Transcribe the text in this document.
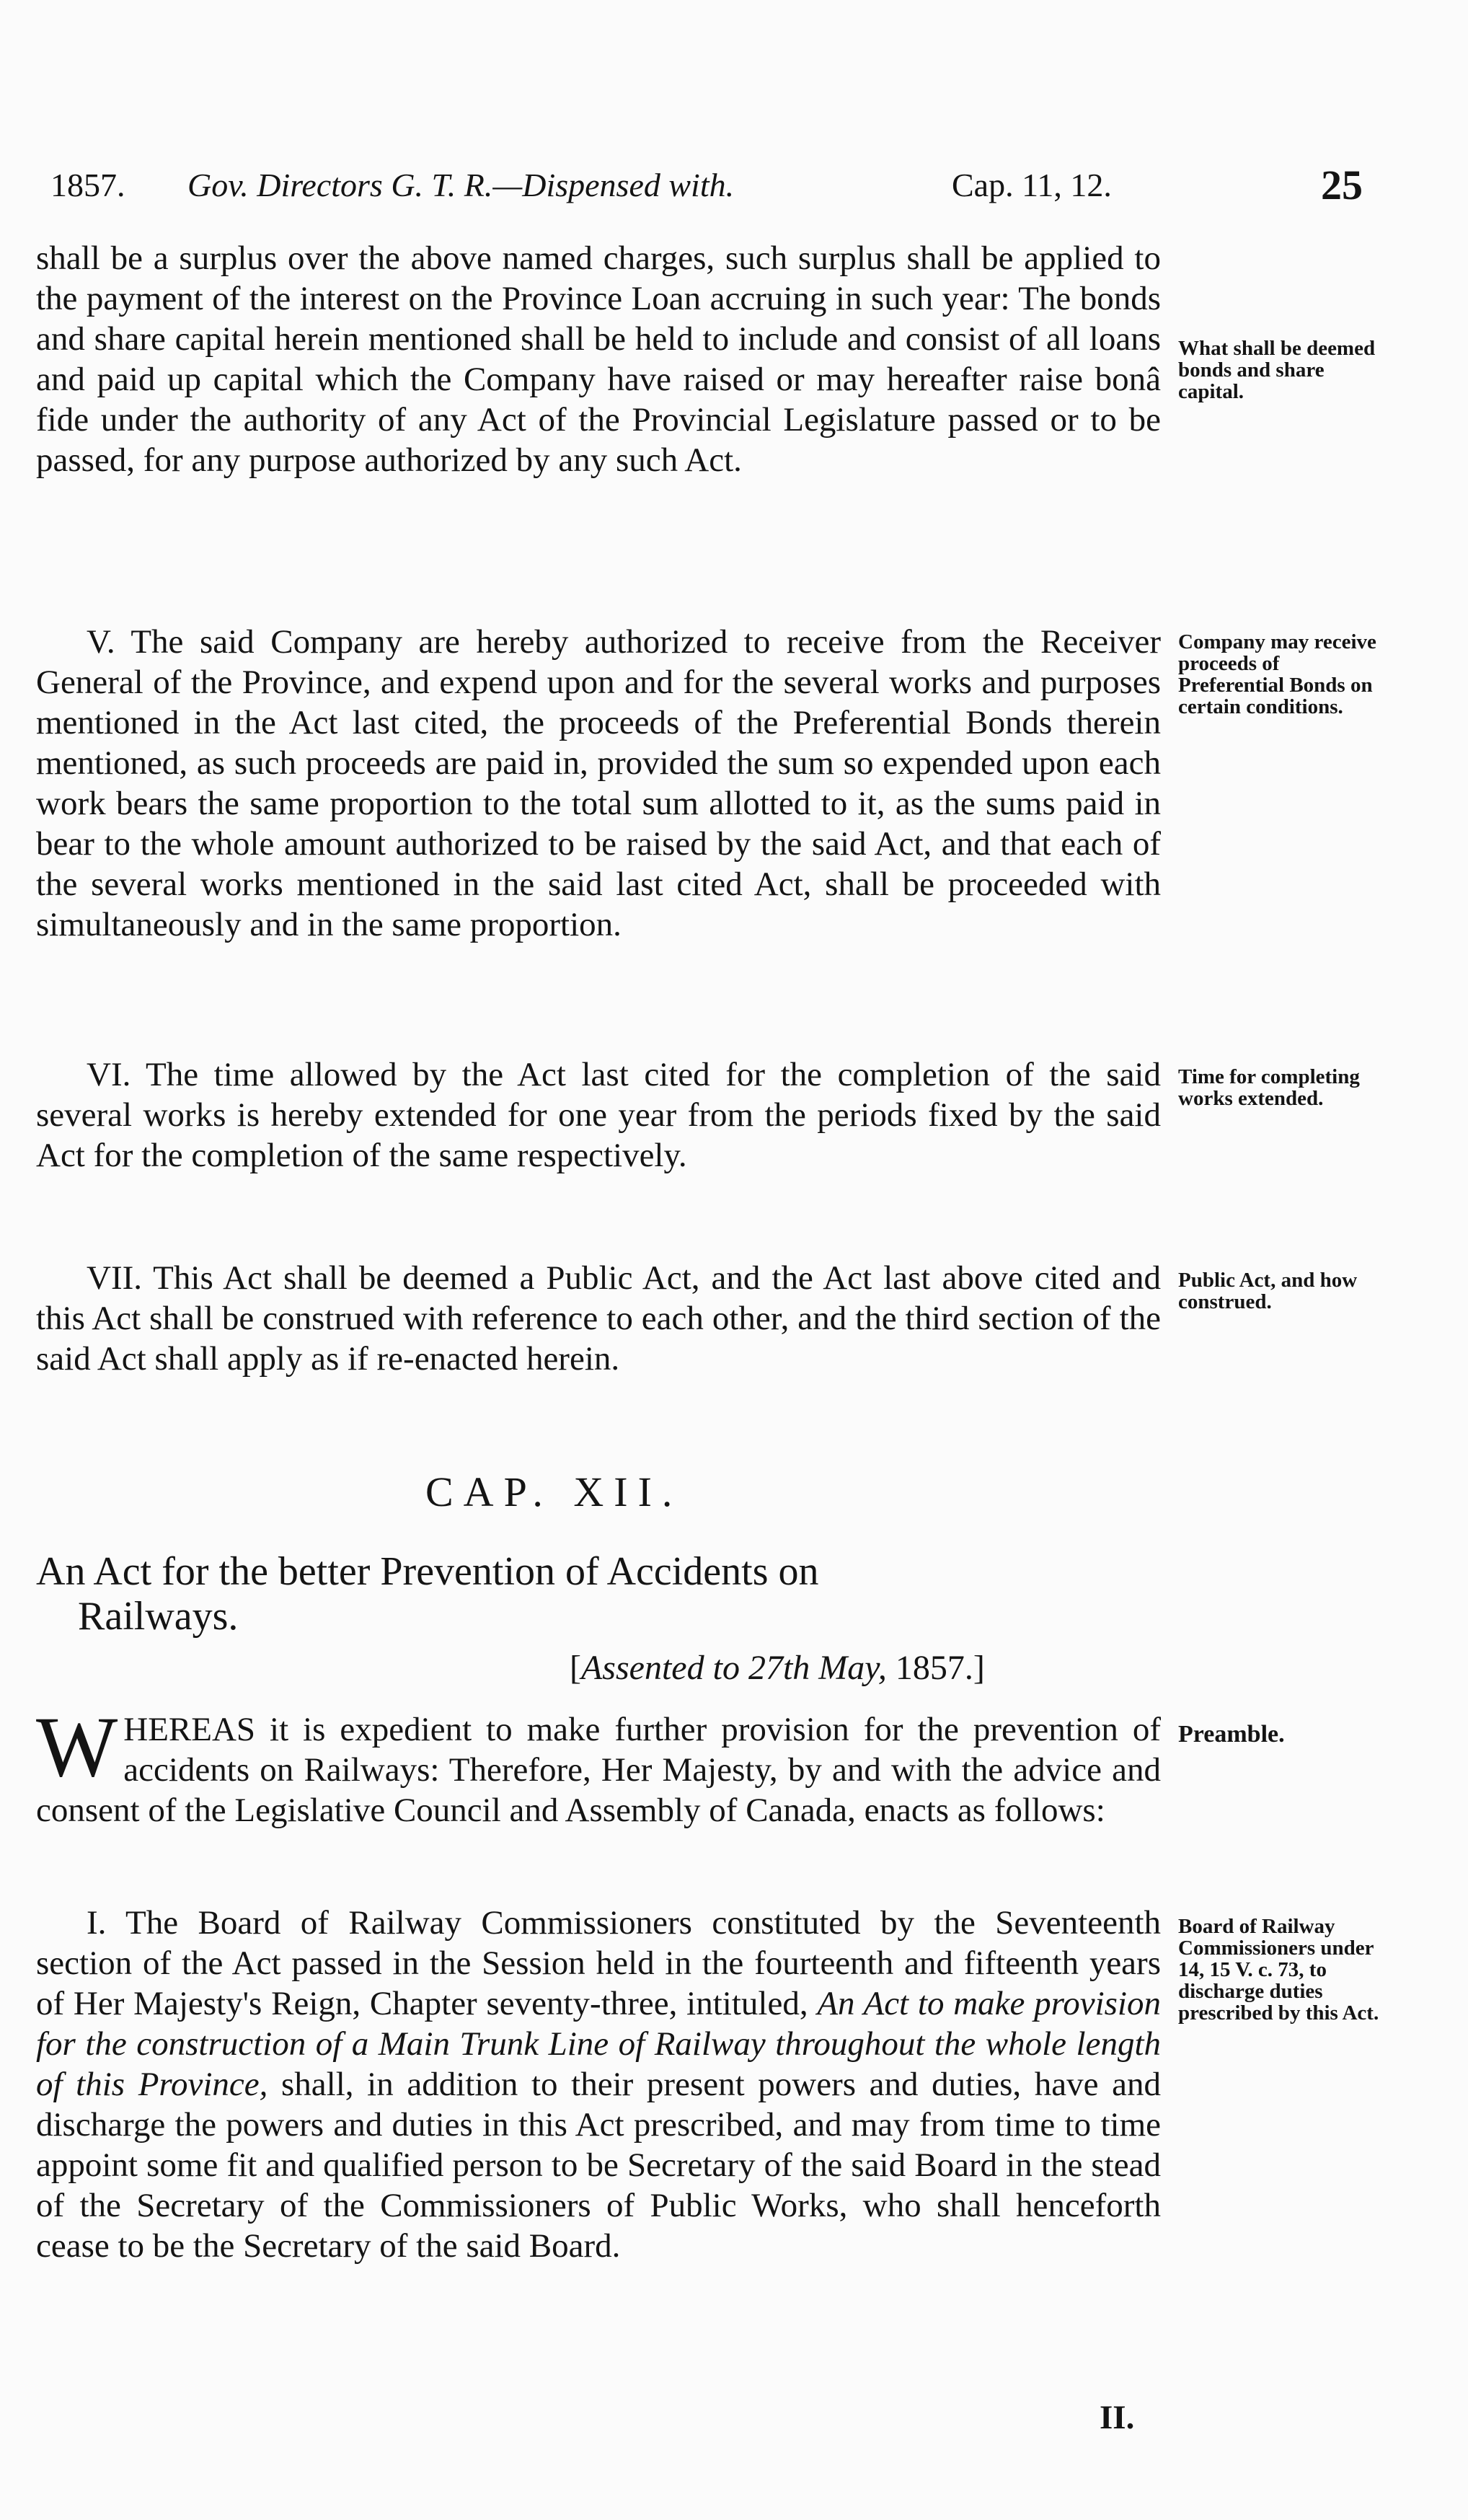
1857. Gov. Directors G. T. R.—Dispensed with.	Cap. 11, 12.	25

shall be a surplus over the above named charges, such surplus shall be applied to the payment of the interest on the Province Loan accruing in such year: The bonds and share capital herein mentioned shall be held to include and consist of all loans and paid up capital which the Company have raised or may hereafter raise bonâ fide under the authority of any Act of the Provincial Legislature passed or to be passed, for any purpose authorized by any such Act.

What shall be deemed bonds and share capital.

V. The said Company are hereby authorized to receive from the Receiver General of the Province, and expend upon and for the several works and purposes mentioned in the Act last cited, the proceeds of the Preferential Bonds therein mentioned, as such proceeds are paid in, provided the sum so expended upon each work bears the same proportion to the total sum allotted to it, as the sums paid in bear to the whole amount authorized to be raised by the said Act, and that each of the several works mentioned in the said last cited Act, shall be proceeded with simultaneously and in the same proportion.

Company may receive proceeds of Preferential Bonds on certain conditions.

VI. The time allowed by the Act last cited for the completion of the said several works is hereby extended for one year from the periods fixed by the said Act for the completion of the same respectively.

Time for completing works extended.

VII. This Act shall be deemed a Public Act, and the Act last above cited and this Act shall be construed with reference to each other, and the third section of the said Act shall apply as if re-enacted herein.

Public Act, and how construed.
CAP. XII.
An Act for the better Prevention of Accidents on
Railways.
[Assented to 27th May, 1857.]

WHEREAS it is expedient to make further provision for the prevention of accidents on Railways: Therefore, Her Majesty, by and with the advice and consent of the Legislative Council and Assembly of Canada, enacts as follows:

Preamble.

I. The Board of Railway Commissioners constituted by the Seventeenth section of the Act passed in the Session held in the fourteenth and fifteenth years of Her Majesty's Reign, Chapter seventy-three, intituled, An Act to make provision for the construction of a Main Trunk Line of Railway throughout the whole length of this Province, shall, in addition to their present powers and duties, have and discharge the powers and duties in this Act prescribed, and may from time to time appoint some fit and qualified person to be Secretary of the said Board in the stead of the Secretary of the Commissioners of Public Works, who shall henceforth cease to be the Secretary of the said Board.

Board of Railway Commissioners under 14, 15 V. c. 73, to discharge duties prescribed by this Act.
II.
